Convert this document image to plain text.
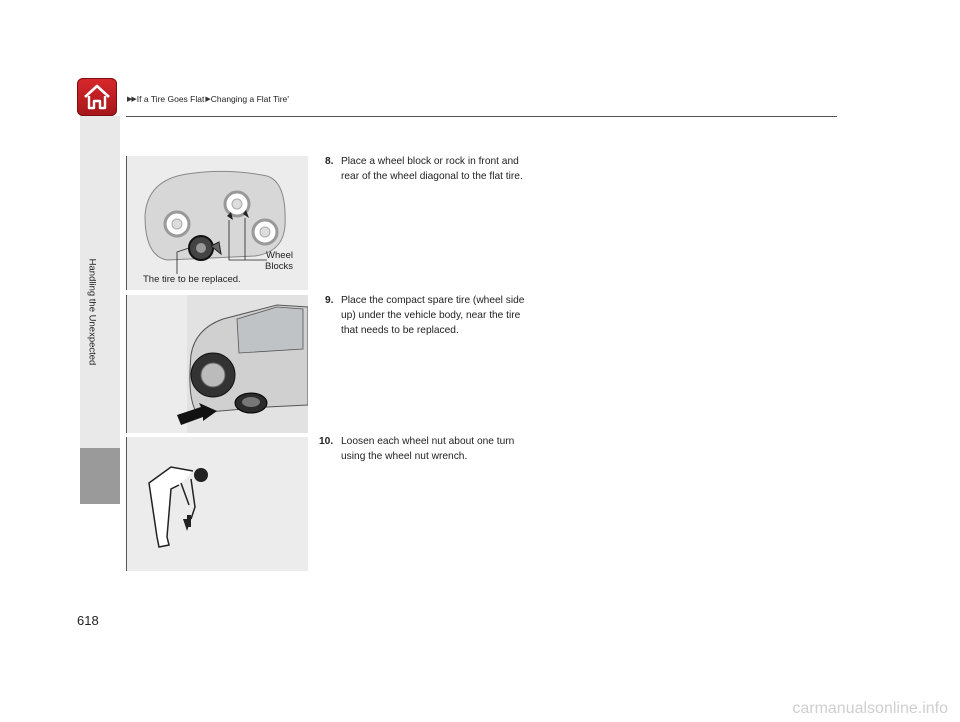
▶▶ If a Tire Goes Flat ▶ Changing a Flat Tire *
Handling the Unexpected
Wheel
Blocks
The tire to be replaced.
8. Place a wheel block or rock in front and
rear of the wheel diagonal to the flat tire.
9. Place the compact spare tire (wheel side
up) under the vehicle body, near the tire
that needs to be replaced.
10. Loosen each wheel nut about one turn
using the wheel nut wrench.
618
carmanualsonline.info
